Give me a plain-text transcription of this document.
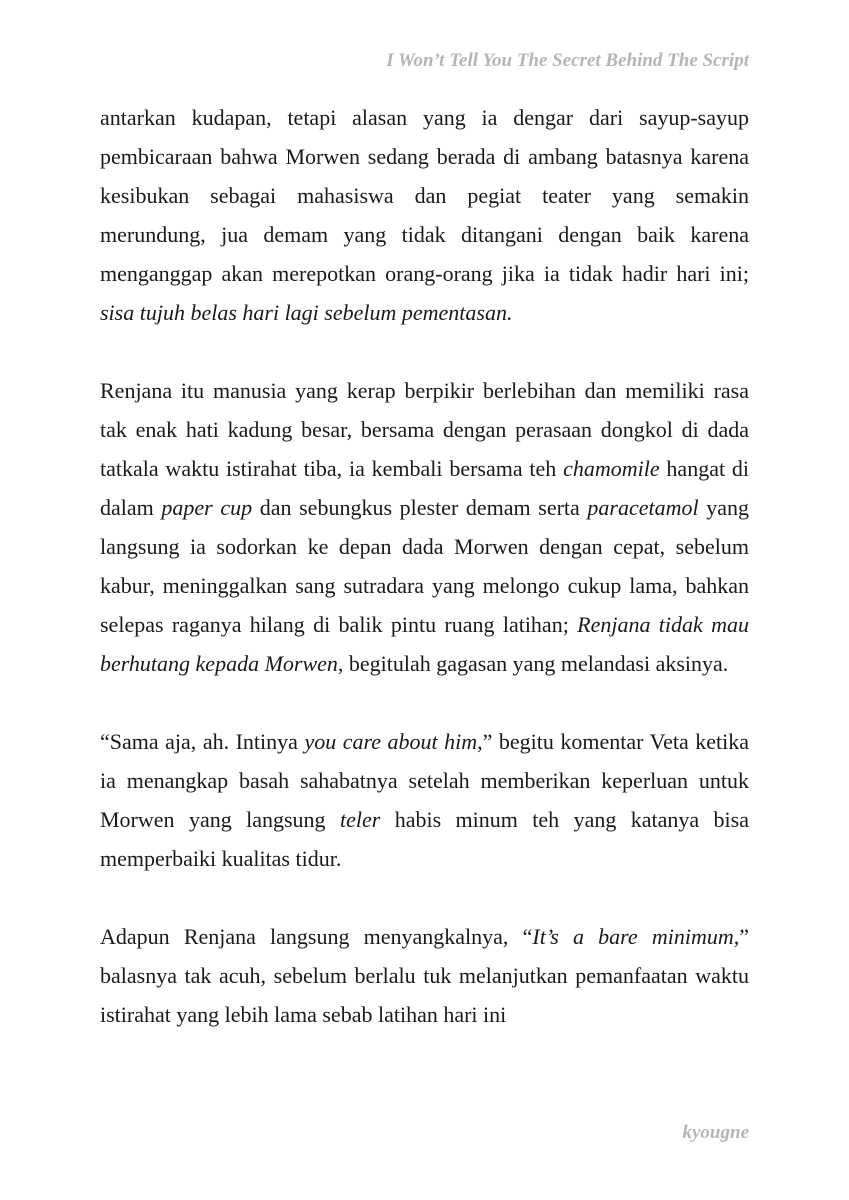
I Won’t Tell You The Secret Behind The Script

antarkan kudapan, tetapi alasan yang ia dengar dari sayup-sayup pembicaraan bahwa Morwen sedang berada di ambang batasnya karena kesibukan sebagai mahasiswa dan pegiat teater yang semakin merundung, jua demam yang tidak ditangani dengan baik karena menganggap akan merepotkan orang-orang jika ia tidak hadir hari ini; sisa tujuh belas hari lagi sebelum pementasan.

Renjana itu manusia yang kerap berpikir berlebihan dan memiliki rasa tak enak hati kadung besar, bersama dengan perasaan dongkol di dada tatkala waktu istirahat tiba, ia kembali bersama teh chamomile hangat di dalam paper cup dan sebungkus plester demam serta paracetamol yang langsung ia sodorkan ke depan dada Morwen dengan cepat, sebelum kabur, meninggalkan sang sutradara yang melongo cukup lama, bahkan selepas raganya hilang di balik pintu ruang latihan; Renjana tidak mau berhutang kepada Morwen, begitulah gagasan yang melandasi aksinya.

“Sama aja, ah. Intinya you care about him,” begitu komentar Veta ketika ia menangkap basah sahabatnya setelah memberikan keperluan untuk Morwen yang langsung teler habis minum teh yang katanya bisa memperbaiki kualitas tidur.

Adapun Renjana langsung menyangkalnya, “It’s a bare minimum,” balasnya tak acuh, sebelum berlalu tuk melanjutkan pemanfaatan waktu istirahat yang lebih lama sebab latihan hari ini

kyougne
